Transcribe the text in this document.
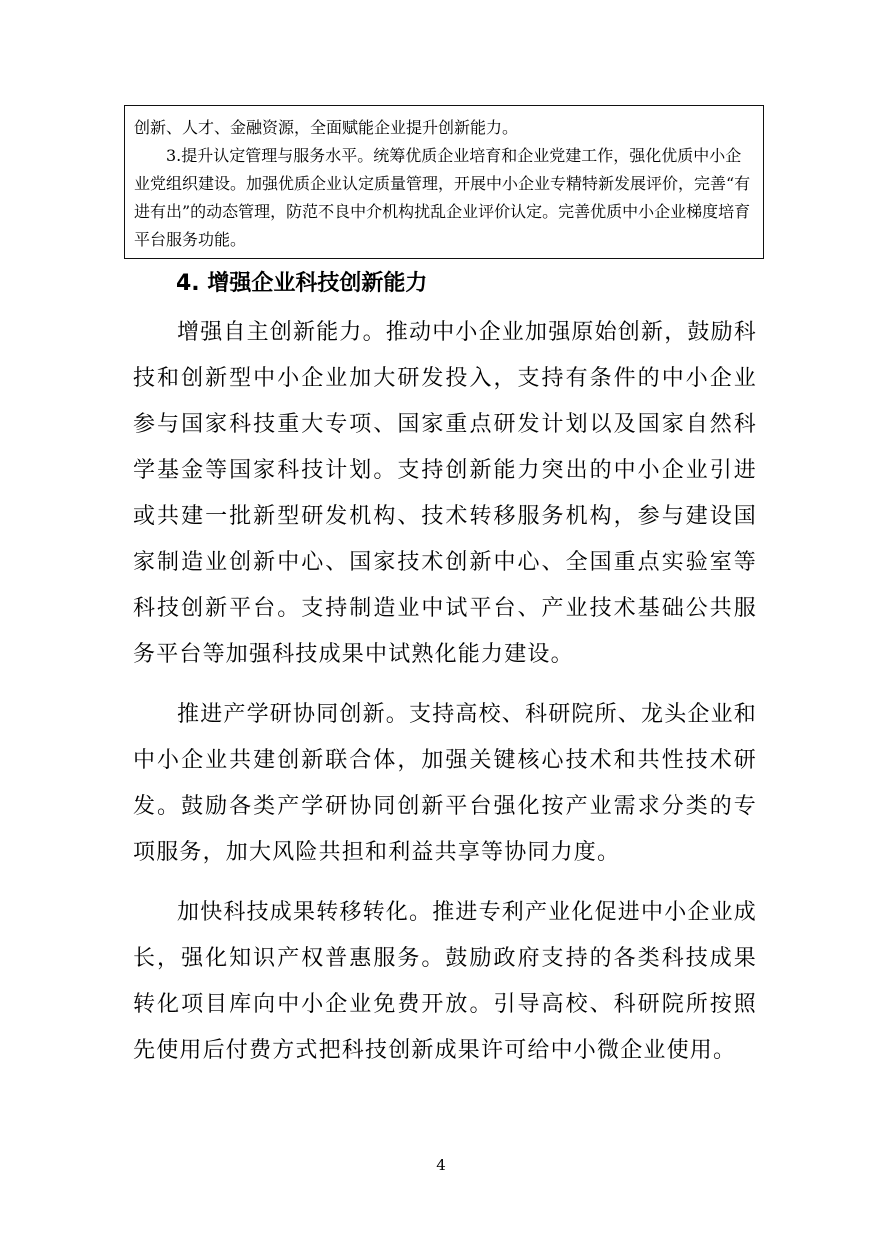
创新、人才、金融资源，全面赋能企业提升创新能力。

3.提升认定管理与服务水平。统筹优质企业培育和企业党建工作，强化优质中小企业党组织建设。加强优质企业认定质量管理，开展中小企业专精特新发展评价，完善“有进有出”的动态管理，防范不良中介机构扰乱企业评价认定。完善优质中小企业梯度培育平台服务功能。

4. 增强企业科技创新能力

增强自主创新能力。推动中小企业加强原始创新，鼓励科技和创新型中小企业加大研发投入，支持有条件的中小企业参与国家科技重大专项、国家重点研发计划以及国家自然科学基金等国家科技计划。支持创新能力突出的中小企业引进或共建一批新型研发机构、技术转移服务机构，参与建设国家制造业创新中心、国家技术创新中心、全国重点实验室等科技创新平台。支持制造业中试平台、产业技术基础公共服务平台等加强科技成果中试熟化能力建设。

推进产学研协同创新。支持高校、科研院所、龙头企业和中小企业共建创新联合体，加强关键核心技术和共性技术研发。鼓励各类产学研协同创新平台强化按产业需求分类的专项服务，加大风险共担和利益共享等协同力度。

加快科技成果转移转化。推进专利产业化促进中小企业成长，强化知识产权普惠服务。鼓励政府支持的各类科技成果转化项目库向中小企业免费开放。引导高校、科研院所按照先使用后付费方式把科技创新成果许可给中小微企业使用。

4
